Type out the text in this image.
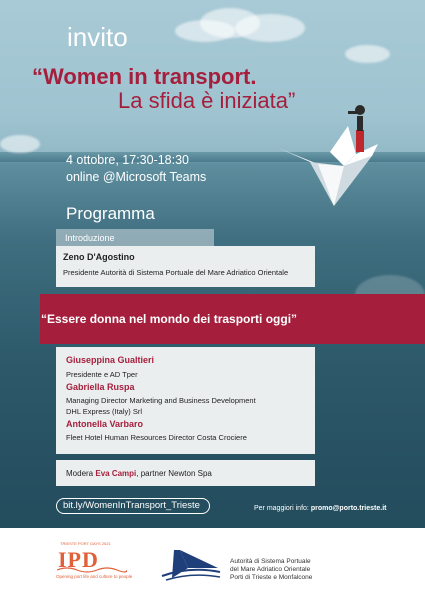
invito
“Women in transport.
La sfida è iniziata”
4 ottobre, 17:30-18:30
online @Microsoft Teams
Programma
Introduzione
Zeno D'Agostino
Presidente Autorità di Sistema Portuale del Mare Adriatico Orientale
“Essere donna nel mondo dei trasporti oggi”
Giuseppina Gualtieri
Presidente e AD Tper
Gabriella Ruspa
Managing Director Marketing and Business Development
DHL Express (Italy) Srl
Antonella Varbaro
Fleet Hotel Human Resources Director Costa Crociere
Modera Eva Campi, partner Newton Spa
bit.ly/WomenInTransport_Trieste	Per maggiori info: promo@porto.trieste.it
TRIESTE PORT DAYS 2021
IPD
Opening port life and culture to people
Autorità di Sistema Portuale
del Mare Adriatico Orientale
Porti di Trieste e Monfalcone
